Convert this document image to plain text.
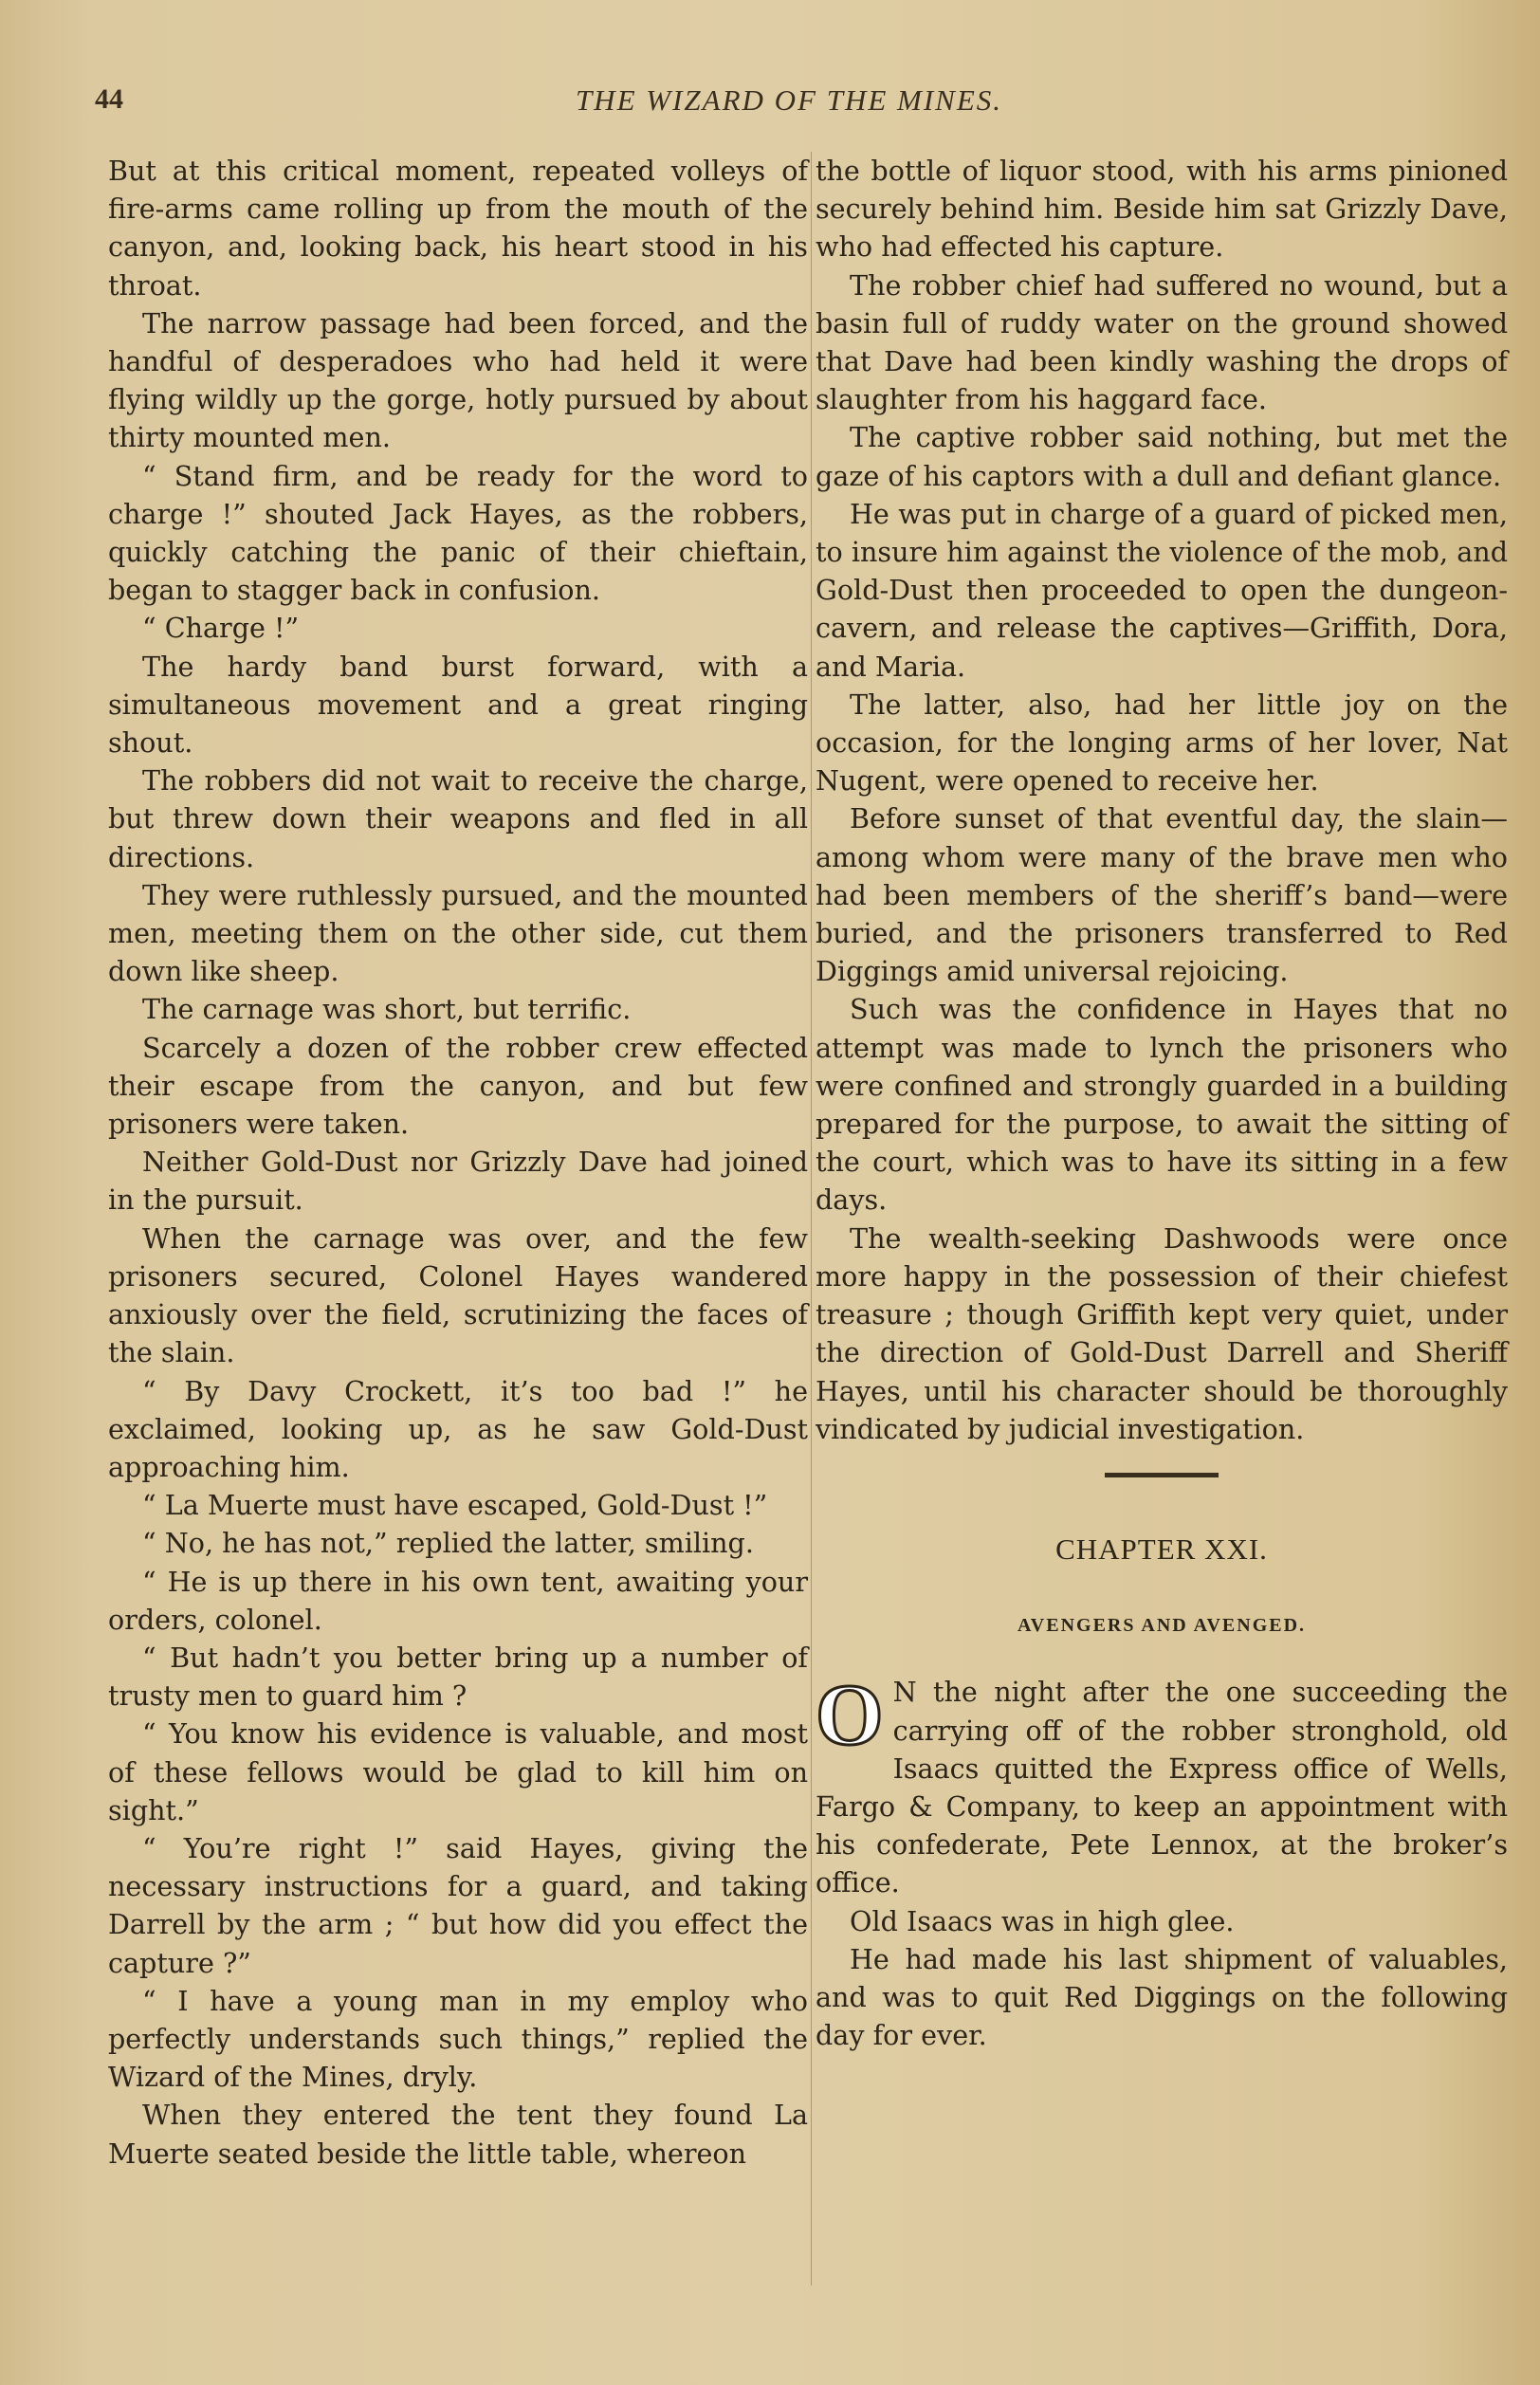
44	THE WIZARD OF THE MINES.

But at this critical moment, repeated volleys of fire-arms came rolling up from the mouth of the canyon, and, looking back, his heart stood in his throat.

The narrow passage had been forced, and the handful of desperadoes who had held it were flying wildly up the gorge, hotly pursued by about thirty mounted men.

“ Stand firm, and be ready for the word to charge !” shouted Jack Hayes, as the robbers, quickly catching the panic of their chieftain, began to stagger back in confusion.

“ Charge !”

The hardy band burst forward, with a simultaneous movement and a great ringing shout.

The robbers did not wait to receive the charge, but threw down their weapons and fled in all directions.

They were ruthlessly pursued, and the mounted men, meeting them on the other side, cut them down like sheep.

The carnage was short, but terrific.

Scarcely a dozen of the robber crew effected their escape from the canyon, and but few prisoners were taken.

Neither Gold-Dust nor Grizzly Dave had joined in the pursuit.

When the carnage was over, and the few prisoners secured, Colonel Hayes wandered anxiously over the field, scrutinizing the faces of the slain.

“ By Davy Crockett, it’s too bad !” he exclaimed, looking up, as he saw Gold-Dust approaching him.

“ La Muerte must have escaped, Gold-Dust !”

“ No, he has not,” replied the latter, smiling.

“ He is up there in his own tent, awaiting your orders, colonel.

“ But hadn’t you better bring up a number of trusty men to guard him ?

“ You know his evidence is valuable, and most of these fellows would be glad to kill him on sight.”

“ You’re right !” said Hayes, giving the necessary instructions for a guard, and taking Darrell by the arm ; “ but how did you effect the capture ?”

“ I have a young man in my employ who perfectly understands such things,” replied the Wizard of the Mines, dryly.

When they entered the tent they found La Muerte seated beside the little table, whereon

the bottle of liquor stood, with his arms pinioned securely behind him. Beside him sat Grizzly Dave, who had effected his capture.

The robber chief had suffered no wound, but a basin full of ruddy water on the ground showed that Dave had been kindly washing the drops of slaughter from his haggard face.

The captive robber said nothing, but met the gaze of his captors with a dull and defiant glance.

He was put in charge of a guard of picked men, to insure him against the violence of the mob, and Gold-Dust then proceeded to open the dungeon-cavern, and release the captives—Griffith, Dora, and Maria.

The latter, also, had her little joy on the occasion, for the longing arms of her lover, Nat Nugent, were opened to receive her.

Before sunset of that eventful day, the slain—among whom were many of the brave men who had been members of the sheriff’s band—were buried, and the prisoners transferred to Red Diggings amid universal rejoicing.

Such was the confidence in Hayes that no attempt was made to lynch the prisoners who were confined and strongly guarded in a building prepared for the purpose, to await the sitting of the court, which was to have its sitting in a few days.

The wealth-seeking Dashwoods were once more happy in the possession of their chiefest treasure ; though Griffith kept very quiet, under the direction of Gold-Dust Darrell and Sheriff Hayes, until his character should be thoroughly vindicated by judicial investigation.

CHAPTER XXI.
AVENGERS AND AVENGED.

O N the night after the one succeeding the carrying off of the robber stronghold, old Isaacs quitted the Express office of Wells, Fargo & Company, to keep an appointment with his confederate, Pete Lennox, at the broker’s office.

Old Isaacs was in high glee.

He had made his last shipment of valuables, and was to quit Red Diggings on the following day for ever.
